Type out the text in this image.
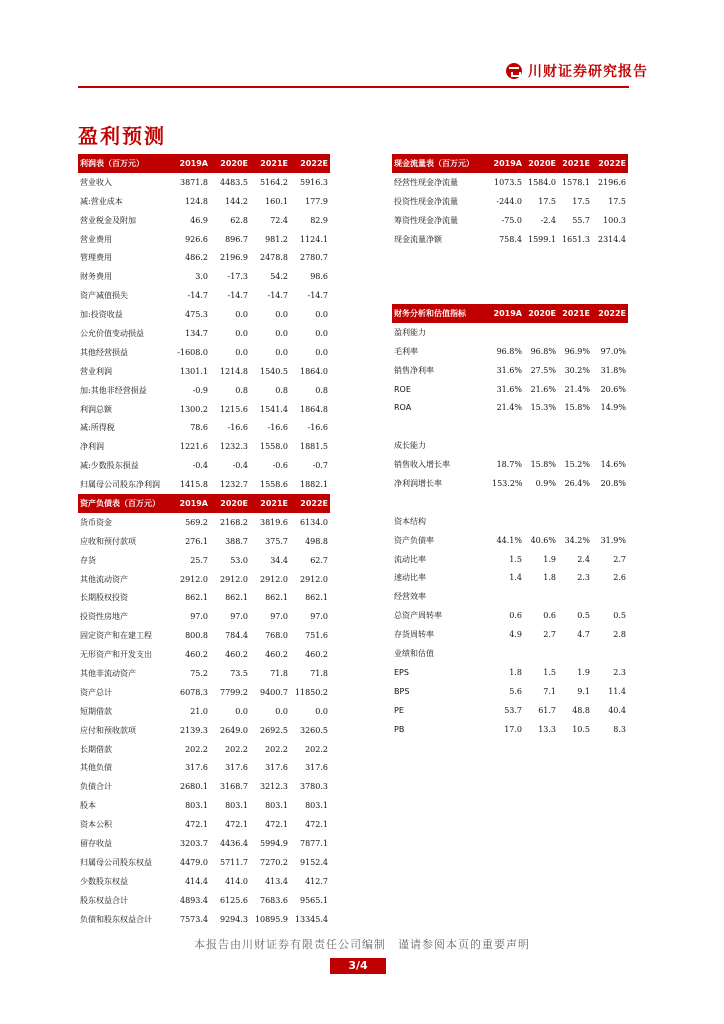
川财证券研究报告
盈利预测
利润表（百万元）	2019A	2020E	2021E	2022E
营业收入	3871.8	4483.5	5164.2	5916.3
减:营业成本	124.8	144.2	160.1	177.9
营业税金及附加	46.9	62.8	72.4	82.9
营业费用	926.6	896.7	981.2	1124.1
管理费用	486.2	2196.9	2478.8	2780.7
财务费用	3.0	-17.3	54.2	98.6
资产减值损失	-14.7	-14.7	-14.7	-14.7
加:投资收益	475.3	0.0	0.0	0.0
公允价值变动损益	134.7	0.0	0.0	0.0
其他经营损益	-1608.0	0.0	0.0	0.0
营业利润	1301.1	1214.8	1540.5	1864.0
加:其他非经营损益	-0.9	0.8	0.8	0.8
利润总额	1300.2	1215.6	1541.4	1864.8
减:所得税	78.6	-16.6	-16.6	-16.6
净利润	1221.6	1232.3	1558.0	1881.5
减:少数股东损益	-0.4	-0.4	-0.6	-0.7
归属母公司股东净利润	1415.8	1232.7	1558.6	1882.1
资产负债表（百万元）	2019A	2020E	2021E	2022E
货币资金	569.2	2168.2	3819.6	6134.0
应收和预付款项	276.1	388.7	375.7	498.8
存货	25.7	53.0	34.4	62.7
其他流动资产	2912.0	2912.0	2912.0	2912.0
长期股权投资	862.1	862.1	862.1	862.1
投资性房地产	97.0	97.0	97.0	97.0
固定资产和在建工程	800.8	784.4	768.0	751.6
无形资产和开发支出	460.2	460.2	460.2	460.2
其他非流动资产	75.2	73.5	71.8	71.8
资产总计	6078.3	7799.2	9400.7	11850.2
短期借款	21.0	0.0	0.0	0.0
应付和预收款项	2139.3	2649.0	2692.5	3260.5
长期借款	202.2	202.2	202.2	202.2
其他负债	317.6	317.6	317.6	317.6
负债合计	2680.1	3168.7	3212.3	3780.3
股本	803.1	803.1	803.1	803.1
资本公积	472.1	472.1	472.1	472.1
留存收益	3203.7	4436.4	5994.9	7877.1
归属母公司股东权益	4479.0	5711.7	7270.2	9152.4
少数股东权益	414.4	414.0	413.4	412.7
股东权益合计	4893.4	6125.6	7683.6	9565.1
负债和股东权益合计	7573.4	9294.3	10895.9	13345.4
现金流量表（百万元）	2019A	2020E	2021E	2022E
经营性现金净流量	1073.5	1584.0	1578.1	2196.6
投资性现金净流量	-244.0	17.5	17.5	17.5
筹资性现金净流量	-75.0	-2.4	55.7	100.3
现金流量净额	758.4	1599.1	1651.3	2314.4
财务分析和估值指标	2019A	2020E	2021E	2022E
盈利能力				
毛利率	96.8%	96.8%	96.9%	97.0%
销售净利率	31.6%	27.5%	30.2%	31.8%
ROE	31.6%	21.6%	21.4%	20.6%
ROA	21.4%	15.3%	15.8%	14.9%

成长能力				
销售收入增长率	18.7%	15.8%	15.2%	14.6%
净利润增长率	153.2%	0.9%	26.4%	20.8%

资本结构				
资产负债率	44.1%	40.6%	34.2%	31.9%
流动比率	1.5	1.9	2.4	2.7
速动比率	1.4	1.8	2.3	2.6
经营效率				
总资产周转率	0.6	0.6	0.5	0.5
存货周转率	4.9	2.7	4.7	2.8
业绩和估值				
EPS	1.8	1.5	1.9	2.3
BPS	5.6	7.1	9.1	11.4
PE	53.7	61.7	48.8	40.4
PB	17.0	13.3	10.5	8.3
本报告由川财证券有限责任公司编制　谨请参阅本页的重要声明
3/4
